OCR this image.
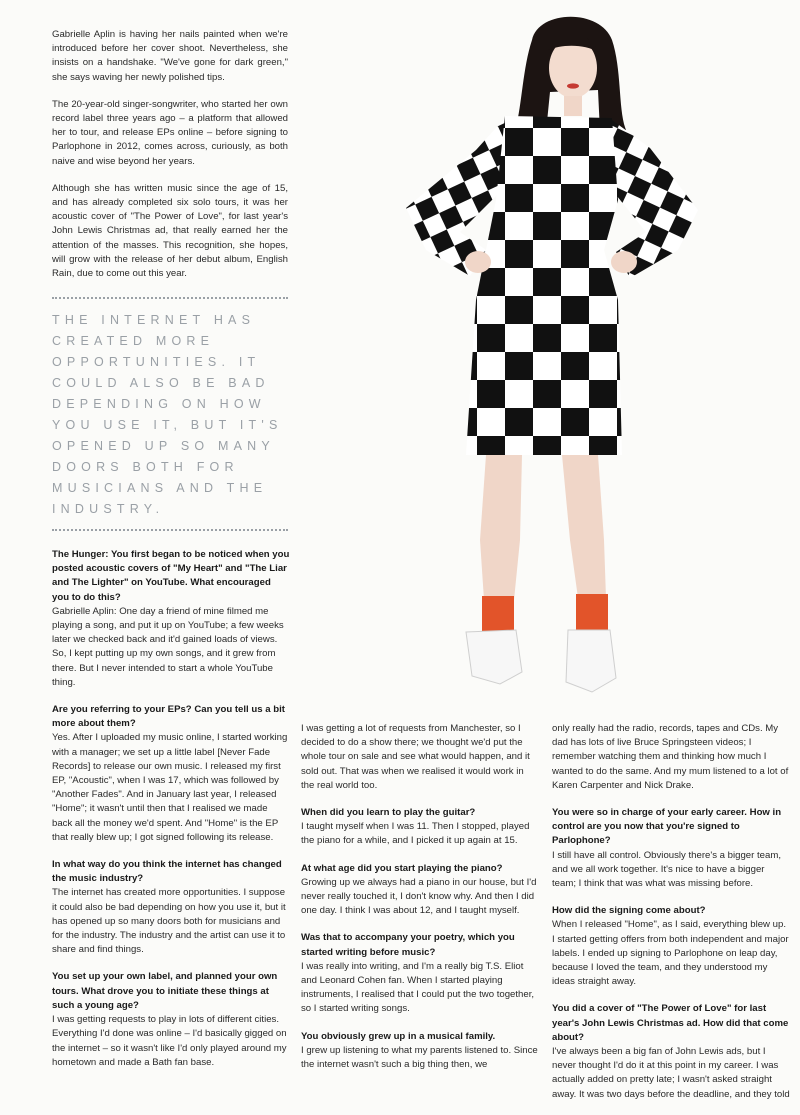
Gabrielle Aplin is having her nails painted when we're introduced before her cover shoot. Nevertheless, she insists on a handshake. "We've gone for dark green," she says waving her newly polished tips.

The 20-year-old singer-songwriter, who started her own record label three years ago – a platform that allowed her to tour, and release EPs online – before signing to Parlophone in 2012, comes across, curiously, as both naive and wise beyond her years.

Although she has written music since the age of 15, and has already completed six solo tours, it was her acoustic cover of "The Power of Love", for last year's John Lewis Christmas ad, that really earned her the attention of the masses. This recognition, she hopes, will grow with the release of her debut album, English Rain, due to come out this year.

THE INTERNET HAS CREATED MORE OPPORTUNITIES. IT COULD ALSO BE BAD DEPENDING ON HOW YOU USE IT, BUT IT'S OPENED UP SO MANY DOORS BOTH FOR MUSICIANS AND THE INDUSTRY.
The Hunger: You first began to be noticed when you posted acoustic covers of "My Heart" and "The Liar and The Lighter" on YouTube. What encouraged you to do this?
Gabrielle Aplin: One day a friend of mine filmed me playing a song, and put it up on YouTube; a few weeks later we checked back and it'd gained loads of views. So, I kept putting up my own songs, and it grew from there. But I never intended to start a whole YouTube thing.
Are you referring to your EPs? Can you tell us a bit more about them?
Yes. After I uploaded my music online, I started working with a manager; we set up a little label [Never Fade Records] to release our own music. I released my first EP, "Acoustic", when I was 17, which was followed by "Another Fades". And in January last year, I released "Home"; it wasn't until then that I realised we made back all the money we'd spent. And "Home" is the EP that really blew up; I got signed following its release.
In what way do you think the internet has changed the music industry?
The internet has created more opportunities. I suppose it could also be bad depending on how you use it, but it has opened up so many doors both for musicians and for the industry. The industry and the artist can use it to share and find things.
You set up your own label, and planned your own tours. What drove you to initiate these things at such a young age?
I was getting requests to play in lots of different cities. Everything I'd done was online – I'd basically gigged on the internet – so it wasn't like I'd only played around my hometown and made a Bath fan base.
I was getting a lot of requests from Manchester, so I decided to do a show there; we thought we'd put the whole tour on sale and see what would happen, and it sold out. That was when we realised it would work in the real world too.
When did you learn to play the guitar?
I taught myself when I was 11. Then I stopped, played the piano for a while, and I picked it up again at 15.
At what age did you start playing the piano?
Growing up we always had a piano in our house, but I'd never really touched it, I don't know why. And then I did one day. I think I was about 12, and I taught myself.
Was that to accompany your poetry, which you started writing before music?
I was really into writing, and I'm a really big T.S. Eliot and Leonard Cohen fan. When I started playing instruments, I realised that I could put the two together, so I started writing songs.
You obviously grew up in a musical family.
I grew up listening to what my parents listened to. Since the internet wasn't such a big thing then, we
only really had the radio, records, tapes and CDs. My dad has lots of live Bruce Springsteen videos; I remember watching them and thinking how much I wanted to do the same. And my mum listened to a lot of Karen Carpenter and Nick Drake.
You were so in charge of your early career. How in control are you now that you're signed to Parlophone?
I still have all control. Obviously there's a bigger team, and we all work together. It's nice to have a bigger team; I think that was what was missing before.
How did the signing come about?
When I released "Home", as I said, everything blew up. I started getting offers from both independent and major labels. I ended up signing to Parlophone on leap day, because I loved the team, and they understood my ideas straight away.
You did a cover of "The Power of Love" for last year's John Lewis Christmas ad. How did that come about?
I've always been a big fan of John Lewis ads, but I never thought I'd do it at this point in my career. I was actually added on pretty late; I wasn't asked straight away. It was two days before the deadline, and they told
